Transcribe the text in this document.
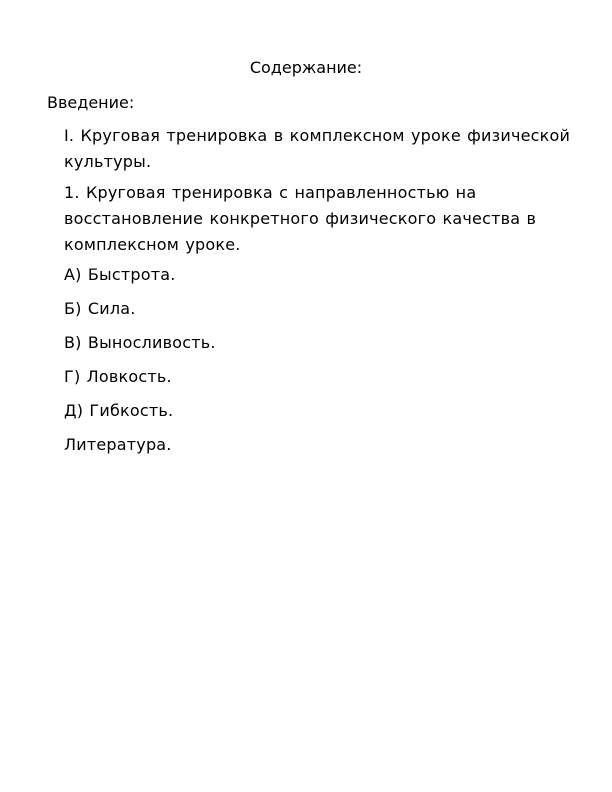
Содержание:
Введение:
I. Круговая тренировка в комплексном уроке физической культуры.
1. Круговая тренировка с направленностью на восстановление конкретного физического качества в комплексном уроке.
А) Быстрота.
Б) Сила.
В) Выносливость.
Г) Ловкость.
Д) Гибкость.
Литература.
